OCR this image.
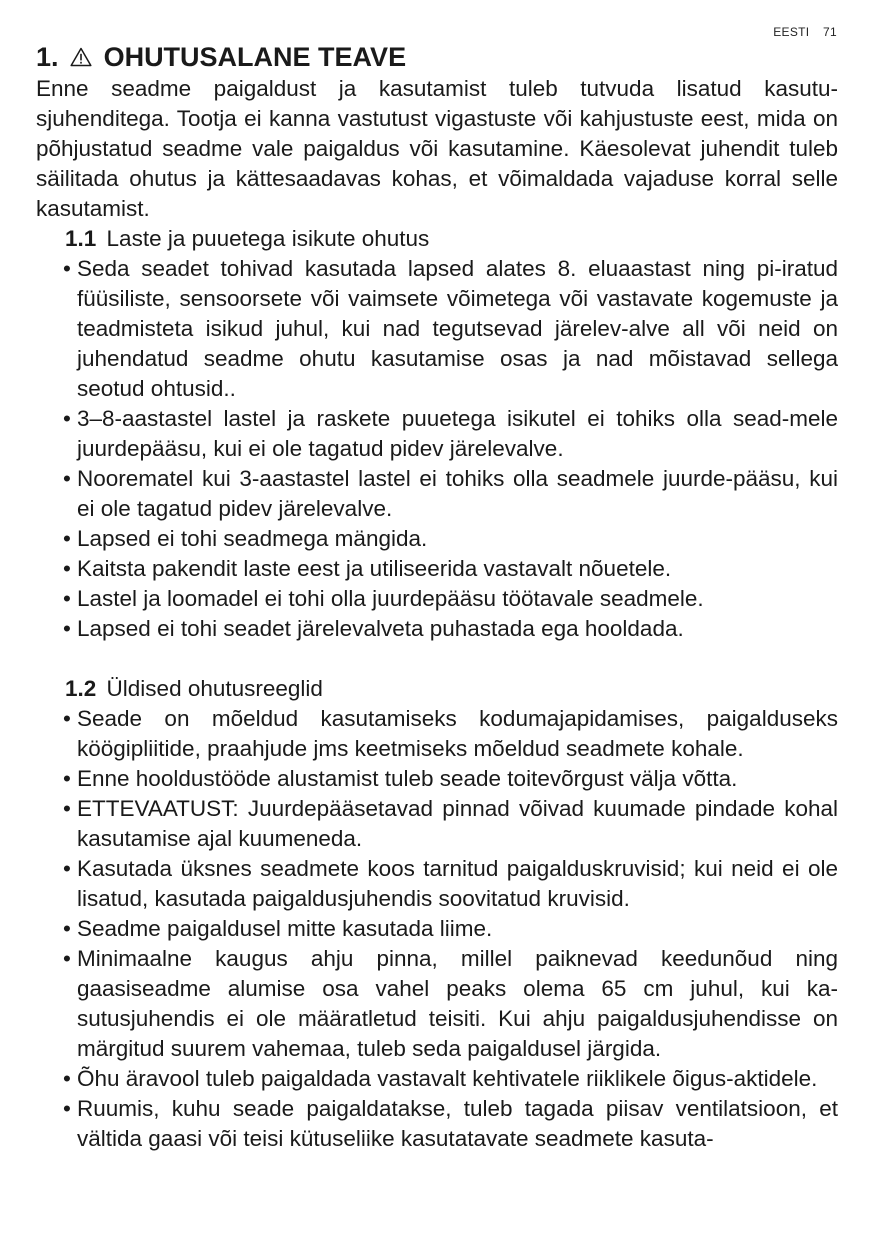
EESTI 71
1. OHUTUSALANE TEAVE

Enne seadme paigaldust ja kasutamist tuleb tutvuda lisatud kasutu-sjuhenditega. Tootja ei kanna vastutust vigastuste või kahjustuste eest, mida on põhjustatud seadme vale paigaldus või kasutamine. Käesolevat juhendit tuleb säilitada ohutus ja kättesaadavas kohas, et võimaldada vajaduse korral selle kasutamist.

1.1 Laste ja puuetega isikute ohutus

• Seda seadet tohivad kasutada lapsed alates 8. eluaastast ning pi-iratud füüsiliste, sensoorsete või vaimsete võimetega või vastavate kogemuste ja teadmisteta isikud juhul, kui nad tegutsevad järelev-alve all või neid on juhendatud seadme ohutu kasutamise osas ja nad mõistavad sellega seotud ohtusid..
• 3–8-aastastel lastel ja raskete puuetega isikutel ei tohiks olla sead-mele juurdepääsu, kui ei ole tagatud pidev järelevalve.
• Noorematel kui 3-aastastel lastel ei tohiks olla seadmele juurde-pääsu, kui ei ole tagatud pidev järelevalve.
• Lapsed ei tohi seadmega mängida.
• Kaitsta pakendit laste eest ja utiliseerida vastavalt nõuetele.
• Lastel ja loomadel ei tohi olla juurdepääsu töötavale seadmele.
• Lapsed ei tohi seadet järelevalveta puhastada ega hooldada.

1.2 Üldised ohutusreeglid

• Seade on mõeldud kasutamiseks kodumajapidamises, paigalduseks köögipliitide, praahjude jms keetmiseks mõeldud seadmete kohale.
• Enne hooldustööde alustamist tuleb seade toitevõrgust välja võtta.
• ETTEVAATUST: Juurdepääsetavad pinnad võivad kuumade pindade kohal kasutamise ajal kuumeneda.
• Kasutada üksnes seadmete koos tarnitud paigalduskruvisid; kui neid ei ole lisatud, kasutada paigaldusjuhendis soovitatud kruvisid.
• Seadme paigaldusel mitte kasutada liime.
• Minimaalne kaugus ahju pinna, millel paiknevad keedunõud ning gaasiseadme alumise osa vahel peaks olema 65 cm juhul, kui ka-sutusjuhendis ei ole määratletud teisiti. Kui ahju paigaldusjuhendisse on märgitud suurem vahemaa, tuleb seda paigaldusel järgida.
• Õhu äravool tuleb paigaldada vastavalt kehtivatele riiklikele õigus-aktidele.
• Ruumis, kuhu seade paigaldatakse, tuleb tagada piisav ventilatsioon, et vältida gaasi või teisi kütuseliike kasutatavate seadmete kasuta-
